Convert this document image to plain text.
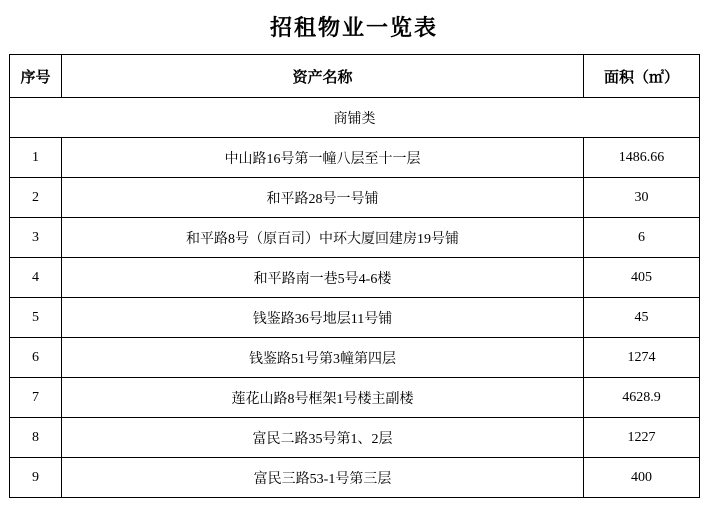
招租物业一览表
序号	资产名称	面积（㎡）
商铺类		
1	中山路16号第一幢八层至十一层	1486.66
2	和平路28号一号铺	30
3	和平路8号（原百司）中环大厦回建房19号铺	6
4	和平路南一巷5号4-6楼	405
5	钱鉴路36号地层11号铺	45
6	钱鉴路51号第3幢第四层	1274
7	莲花山路8号框架1号楼主副楼	4628.9
8	富民二路35号第1、2层	1227
9	富民三路53-1号第三层	400
